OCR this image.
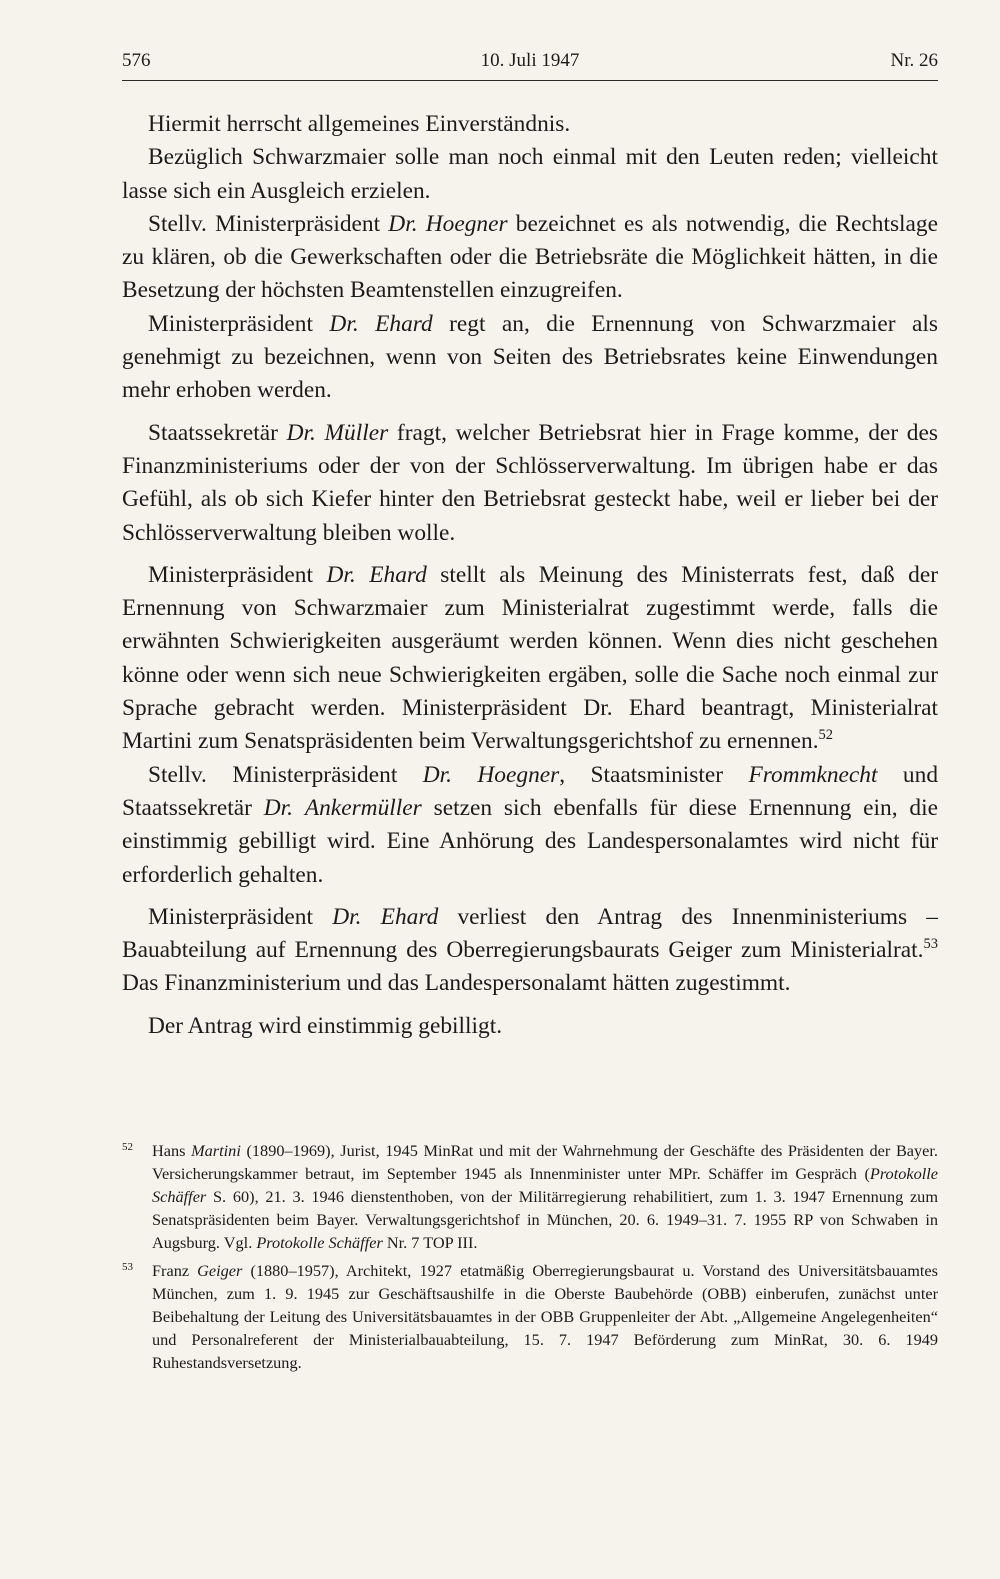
576	10. Juli 1947	Nr. 26

Hiermit herrscht allgemeines Einverständnis.

Bezüglich Schwarzmaier solle man noch einmal mit den Leuten reden; vielleicht lasse sich ein Ausgleich erzielen.

Stellv. Ministerpräsident Dr. Hoegner bezeichnet es als notwendig, die Rechtslage zu klären, ob die Gewerkschaften oder die Betriebsräte die Möglichkeit hätten, in die Besetzung der höchsten Beamtenstellen einzugreifen.

Ministerpräsident Dr. Ehard regt an, die Ernennung von Schwarzmaier als genehmigt zu bezeichnen, wenn von Seiten des Betriebsrates keine Einwendungen mehr erhoben werden.

Staatssekretär Dr. Müller fragt, welcher Betriebsrat hier in Frage komme, der des Finanzministeriums oder der von der Schlösserverwaltung. Im übrigen habe er das Gefühl, als ob sich Kiefer hinter den Betriebsrat gesteckt habe, weil er lieber bei der Schlösserverwaltung bleiben wolle.

Ministerpräsident Dr. Ehard stellt als Meinung des Ministerrats fest, daß der Ernennung von Schwarzmaier zum Ministerialrat zugestimmt werde, falls die erwähnten Schwierigkeiten ausgeräumt werden können. Wenn dies nicht geschehen könne oder wenn sich neue Schwierigkeiten ergäben, solle die Sache noch einmal zur Sprache gebracht werden. Ministerpräsident Dr. Ehard beantragt, Ministerialrat Martini zum Senatspräsidenten beim Verwaltungsgerichtshof zu ernennen.$^{52}$

Stellv. Ministerpräsident Dr. Hoegner, Staatsminister Frommknecht und Staatssekretär Dr. Ankermüller setzen sich ebenfalls für diese Ernennung ein, die einstimmig gebilligt wird. Eine Anhörung des Landespersonalamtes wird nicht für erforderlich gehalten.

Ministerpräsident Dr. Ehard verliest den Antrag des Innenministeriums – Bauabteilung auf Ernennung des Oberregierungsbaurats Geiger zum Ministerialrat.$^{53}$ Das Finanzministerium und das Landespersonalamt hätten zugestimmt.

Der Antrag wird einstimmig gebilligt.

52 Hans Martini (1890–1969), Jurist, 1945 MinRat und mit der Wahrnehmung der Geschäfte des Präsidenten der Bayer. Versicherungskammer betraut, im September 1945 als Innenminister unter MPr. Schäffer im Gespräch (Protokolle Schäffer S. 60), 21. 3. 1946 dienstenthoben, von der Militärregierung rehabilitiert, zum 1. 3. 1947 Ernennung zum Senatspräsidenten beim Bayer. Verwaltungsgerichtshof in München, 20. 6. 1949–31. 7. 1955 RP von Schwaben in Augsburg. Vgl. Protokolle Schäffer Nr. 7 TOP III.
53 Franz Geiger (1880–1957), Architekt, 1927 etatmäßig Oberregierungsbaurat u. Vorstand des Universitätsbauamtes München, zum 1. 9. 1945 zur Geschäftsaushilfe in die Oberste Baubehörde (OBB) einberufen, zunächst unter Beibehaltung der Leitung des Universitätsbauamtes in der OBB Gruppenleiter der Abt. „Allgemeine Angelegenheiten“ und Personalreferent der Ministerialbauabteilung, 15. 7. 1947 Beförderung zum MinRat, 30. 6. 1949 Ruhestandsversetzung.
